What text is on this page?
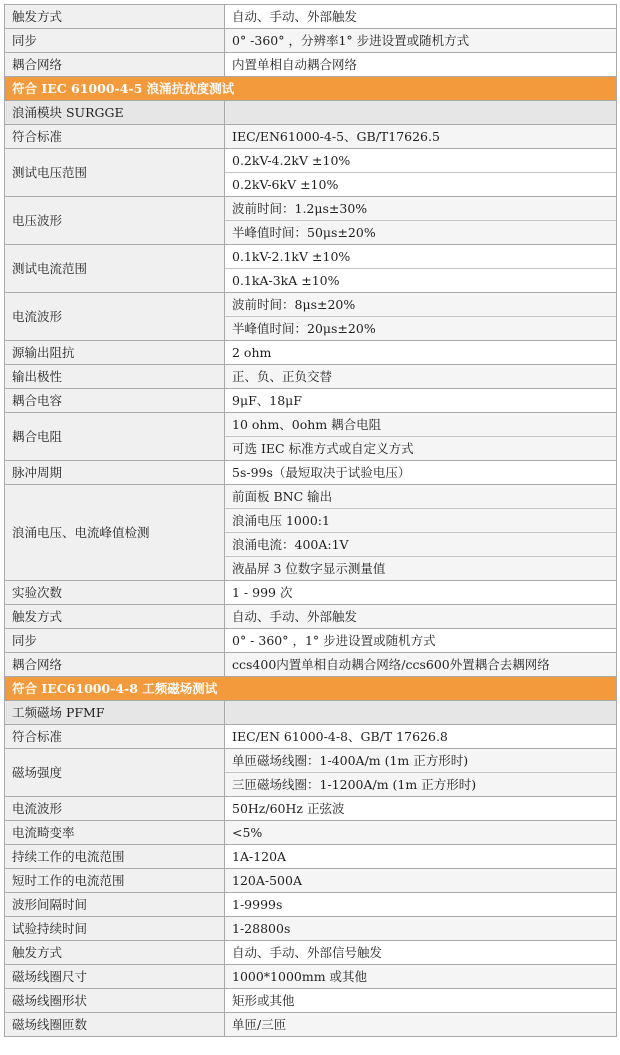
触发方式	自动、手动、外部触发

同步	0° -360° ，分辨率1° 步进设置或随机方式

耦合网络	内置单相自动耦合网络

符合 IEC 61000-4-5 浪涌抗扰度测试	
浪涌模块 SURGGE	
符合标准	IEC/EN61000-4-5、GB/T17626.5

测试电压范围	0.2kV-4.2kV ±10%
0.2kV-6kV ±10%

电压波形	波前时间：1.2μs±30%
半峰值时间：50μs±20%

测试电流范围	0.1kV-2.1kV ±10%
0.1kA-3kA ±10%

电流波形	波前时间：8μs±20%
半峰值时间：20μs±20%

源输出阻抗	2 ohm

输出极性	正、负、正负交替

耦合电容	9μF、18μF

耦合电阻	10 ohm、0ohm 耦合电阻
可选 IEC 标准方式或自定义方式

脉冲周期	5s-99s（最短取决于试验电压）

浪涌电压、电流峰值检测	前面板 BNC 输出
浪涌电压 1000:1
浪涌电流：400A:1V
液晶屏 3 位数字显示测量值

实验次数	1 - 999 次

触发方式	自动、手动、外部触发

同步	0° - 360° ，1° 步进设置或随机方式

耦合网络	ccs400内置单相自动耦合网络/ccs600外置耦合去耦网络

符合 IEC61000-4-8 工频磁场测试	
工频磁场 PFMF	
符合标准	IEC/EN 61000-4-8、GB/T 17626.8

磁场强度	单匝磁场线圈：1-400A/m (1m 正方形时)
三匝磁场线圈：1-1200A/m (1m 正方形时)

电流波形	50Hz/60Hz 正弦波

电流畸变率	<5%

持续工作的电流范围	1A-120A

短时工作的电流范围	120A-500A

波形间隔时间	1-9999s

试验持续时间	1-28800s

触发方式	自动、手动、外部信号触发

磁场线圈尺寸	1000*1000mm 或其他

磁场线圈形状	矩形或其他

磁场线圈匝数	单匝/三匝
